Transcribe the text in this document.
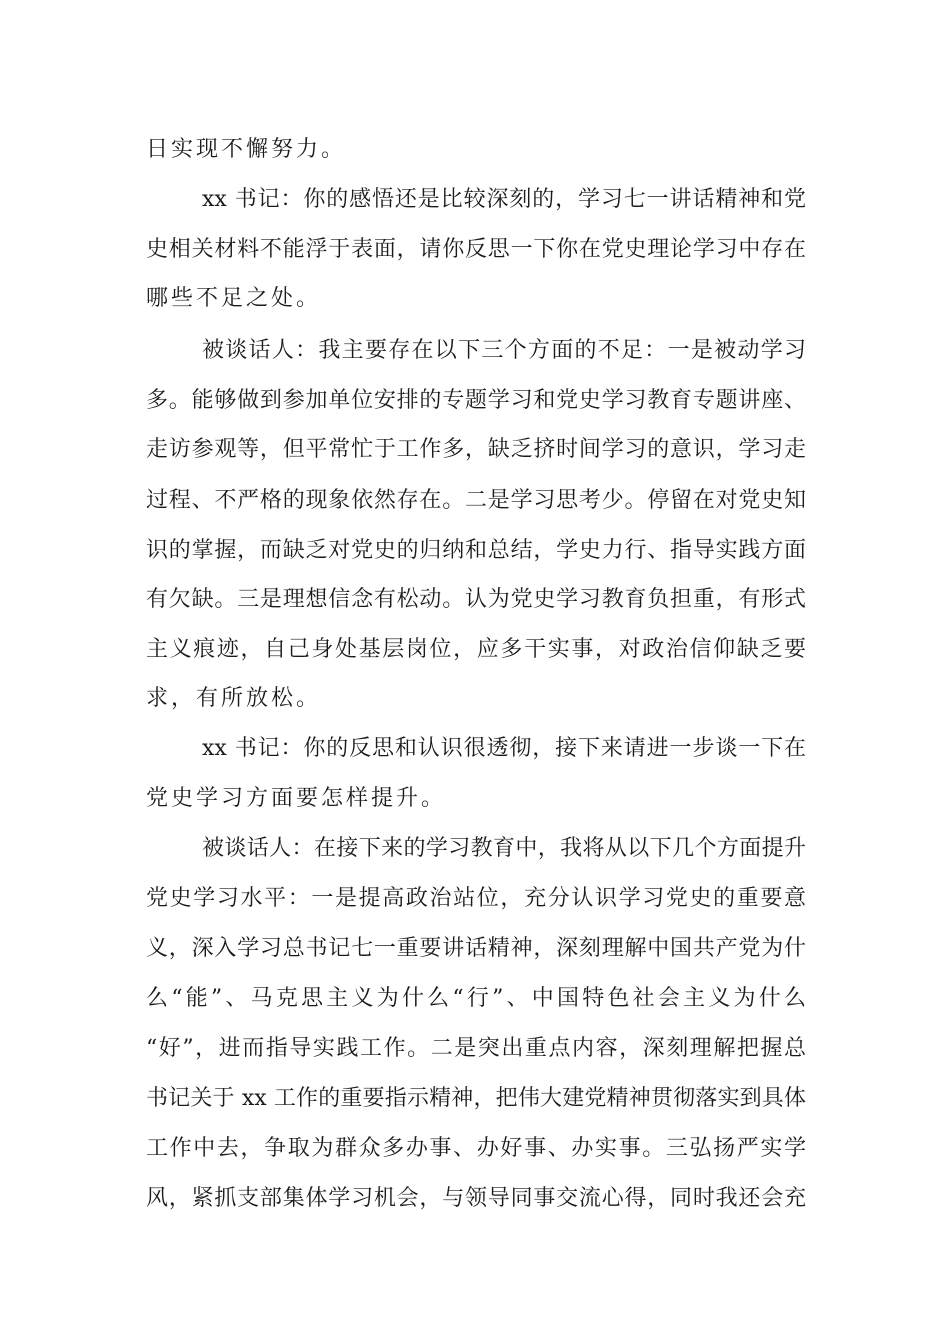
日实现不懈努力。
xx 书记：你的感悟还是比较深刻的，学习七一讲话精神和党
史相关材料不能浮于表面，请你反思一下你在党史理论学习中存在
哪些不足之处。
被谈话人：我主要存在以下三个方面的不足：一是被动学习
多。能够做到参加单位安排的专题学习和党史学习教育专题讲座、
走访参观等，但平常忙于工作多，缺乏挤时间学习的意识，学习走
过程、不严格的现象依然存在。二是学习思考少。停留在对党史知
识的掌握，而缺乏对党史的归纳和总结，学史力行、指导实践方面
有欠缺。三是理想信念有松动。认为党史学习教育负担重，有形式
主义痕迹，自己身处基层岗位，应多干实事，对政治信仰缺乏要
求，有所放松。
xx 书记：你的反思和认识很透彻，接下来请进一步谈一下在
党史学习方面要怎样提升。
被谈话人：在接下来的学习教育中，我将从以下几个方面提升
党史学习水平：一是提高政治站位，充分认识学习党史的重要意
义，深入学习总书记七一重要讲话精神，深刻理解中国共产党为什
么“能”、马克思主义为什么“行”、中国特色社会主义为什么
“好”，进而指导实践工作。二是突出重点内容，深刻理解把握总
书记关于 xx 工作的重要指示精神，把伟大建党精神贯彻落实到具体
工作中去，争取为群众多办事、办好事、办实事。三弘扬严实学
风，紧抓支部集体学习机会，与领导同事交流心得，同时我还会充
